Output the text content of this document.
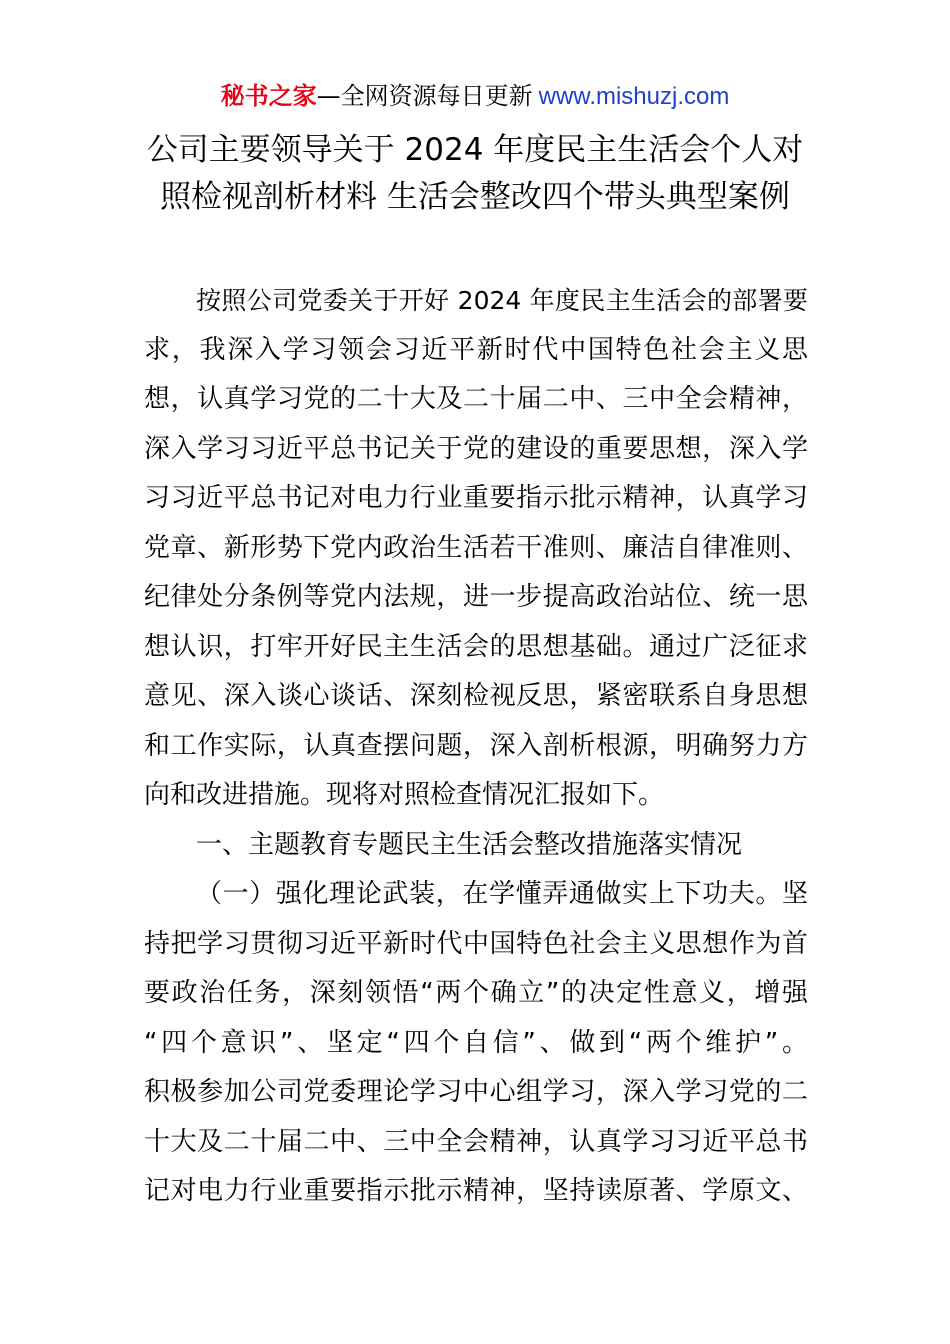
秘书之家—全网资源每日更新 www.mishuzj.com
公司主要领导关于 2024 年度民主生活会个人对
照检视剖析材料 生活会整改四个带头典型案例
按照公司党委关于开好 2024 年度民主生活会的部署要
求，我深入学习领会习近平新时代中国特色社会主义思
想，认真学习党的二十大及二十届二中、三中全会精神，
深入学习习近平总书记关于党的建设的重要思想，深入学
习习近平总书记对电力行业重要指示批示精神，认真学习
党章、新形势下党内政治生活若干准则、廉洁自律准则、
纪律处分条例等党内法规，进一步提高政治站位、统一思
想认识，打牢开好民主生活会的思想基础。通过广泛征求
意见、深入谈心谈话、深刻检视反思，紧密联系自身思想
和工作实际，认真查摆问题，深入剖析根源，明确努力方
向和改进措施。现将对照检查情况汇报如下。
一、主题教育专题民主生活会整改措施落实情况
（一）强化理论武装，在学懂弄通做实上下功夫。坚
持把学习贯彻习近平新时代中国特色社会主义思想作为首
要政治任务，深刻领悟“两个确立”的决定性意义，增强
“四个意识”、坚定“四个自信”、做到“两个维护”。
积极参加公司党委理论学习中心组学习，深入学习党的二
十大及二十届二中、三中全会精神，认真学习习近平总书
记对电力行业重要指示批示精神，坚持读原著、学原文、
